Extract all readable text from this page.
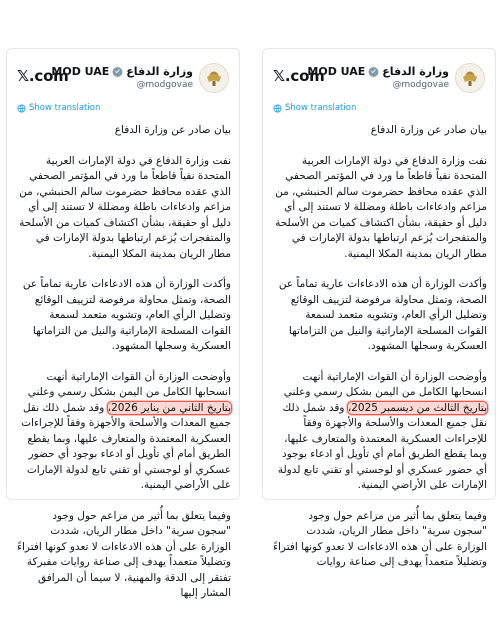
𝕏.com
MOD UAE وزارة الدفاع
@modgovae
Show translation

بيان صادر عن وزارة الدفاع

نفت وزارة الدفاع في دولة الإمارات العربية المتحدة نفياً قاطعاً ما ورد في المؤتمر الصحفي الذي عقده محافظ حضرموت سالم الحنبشي، من مزاعم وادعاءات باطلة ومضللة لا تستند إلى أي دليل أو حقيقة، بشأن اكتشاف كميات من الأسلحة والمتفجرات يُزعم ارتباطها بدولة الإمارات في مطار الريان بمدينة المكلا اليمنية.

وأكدت الوزارة أن هذه الادعاءات عارية تماماً عن الصحة، وتمثل محاولة مرفوضة لتزييف الوقائع وتضليل الرأي العام، وتشويه متعمد لسمعة القوات المسلحة الإماراتية والنيل من التزاماتها العسكرية وسجلها المشهود.

وأوضحت الوزارة أن القوات الإماراتية أنهت انسحابها الكامل من اليمن بشكل رسمي وعلني بتاريخ الثاني من يناير 2026، وقد شمل ذلك نقل جميع المعدات والأسلحة والأجهزة وفقاً للإجراءات العسكرية المعتمدة والمتعارف عليها، وبما يقطع الطريق أمام أي تأويل أو ادعاء بوجود أي حضور عسكري أو لوجستي أو تقني تابع لدولة الإمارات على الأراضي اليمنية.

وفيما يتعلق بما أُثير من مزاعم حول وجود "سجون سرية" داخل مطار الريان، شددت الوزارة على أن هذه الادعاءات لا تعدو كونها افتراءً وتضليلاً متعمداً يهدف إلى صناعة روايات مفبركة تفتقر إلى الدقة والمهنية، لا سيما أن المرافق المشار إليها

𝕏.com
MOD UAE وزارة الدفاع
@modgovae
Show translation

بيان صادر عن وزارة الدفاع

نفت وزارة الدفاع في دولة الإمارات العربية المتحدة نفياً قاطعاً ما ورد في المؤتمر الصحفي الذي عقده محافظ حضرموت سالم الحنبشي، من مزاعم وادعاءات باطلة ومضللة لا تستند إلى أي دليل أو حقيقة، بشأن اكتشاف كميات من الأسلحة والمتفجرات يُزعم ارتباطها بدولة الإمارات في مطار الريان بمدينة المكلا اليمنية.

وأكدت الوزارة أن هذه الادعاءات عارية تماماً عن الصحة، وتمثل محاولة مرفوضة لتزييف الوقائع وتضليل الرأي العام، وتشويه متعمد لسمعة القوات المسلحة الإماراتية والنيل من التزاماتها العسكرية وسجلها المشهود.

وأوضحت الوزارة أن القوات الإماراتية أنهت انسحابها الكامل من اليمن بشكل رسمي وعلني بتاريخ الثالث من ديسمبر 2025، وقد شمل ذلك نقل جميع المعدات والأسلحة والأجهزة وفقاً للإجراءات العسكرية المعتمدة والمتعارف عليها، وبما يقطع الطريق أمام أي تأويل أو ادعاء بوجود أي حضور عسكري أو لوجستي أو تقني تابع لدولة الإمارات على الأراضي اليمنية.

وفيما يتعلق بما أُثير من مزاعم حول وجود "سجون سرية" داخل مطار الريان، شددت الوزارة على أن هذه الادعاءات لا تعدو كونها افتراءً وتضليلاً متعمداً يهدف إلى صناعة روايات
